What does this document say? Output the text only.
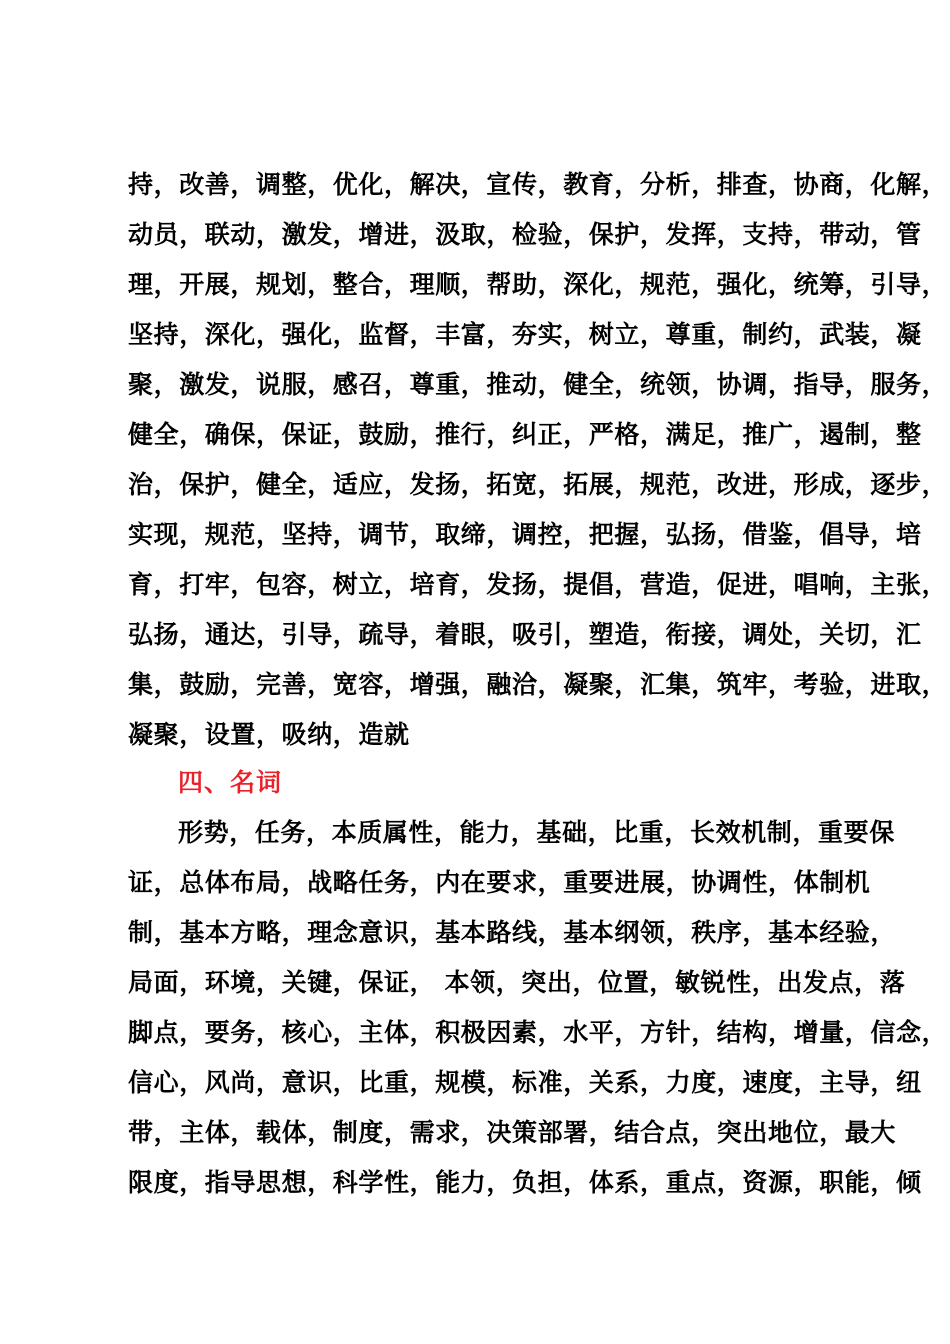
持，改善，调整，优化，解决，宣传，教育，分析，排查，协商，化解，
动员，联动，激发，增进，汲取，检验，保护，发挥，支持，带动，管
理，开展，规划，整合，理顺，帮助，深化，规范，强化，统筹，引导，
坚持，深化，强化，监督，丰富，夯实，树立，尊重，制约，武装，凝
聚，激发，说服，感召，尊重，推动，健全，统领，协调，指导，服务，
健全，确保，保证，鼓励，推行，纠正，严格，满足，推广，遏制，整
治，保护，健全，适应，发扬，拓宽，拓展，规范，改进，形成，逐步，
实现，规范，坚持，调节，取缔，调控，把握，弘扬，借鉴，倡导，培
育，打牢，包容，树立，培育，发扬，提倡，营造，促进，唱响，主张，
弘扬，通达，引导，疏导，着眼，吸引，塑造，衔接，调处，关切，汇
集，鼓励，完善，宽容，增强，融洽，凝聚，汇集，筑牢，考验，进取，
凝聚，设置，吸纳，造就
四、名词
形势，任务，本质属性，能力，基础，比重，长效机制，重要保
证，总体布局，战略任务，内在要求，重要进展，协调性，体制机
制，基本方略，理念意识，基本路线，基本纲领，秩序，基本经验，
局面，环境，关键，保证， 本领，突出，位置，敏锐性，出发点，落
脚点，要务，核心，主体，积极因素，水平，方针，结构，增量，信念，
信心，风尚，意识，比重，规模，标准，关系，力度，速度，主导，纽
带，主体，载体，制度，需求，决策部署，结合点，突出地位，最大
限度，指导思想，科学性，能力，负担，体系，重点，资源，职能，倾
